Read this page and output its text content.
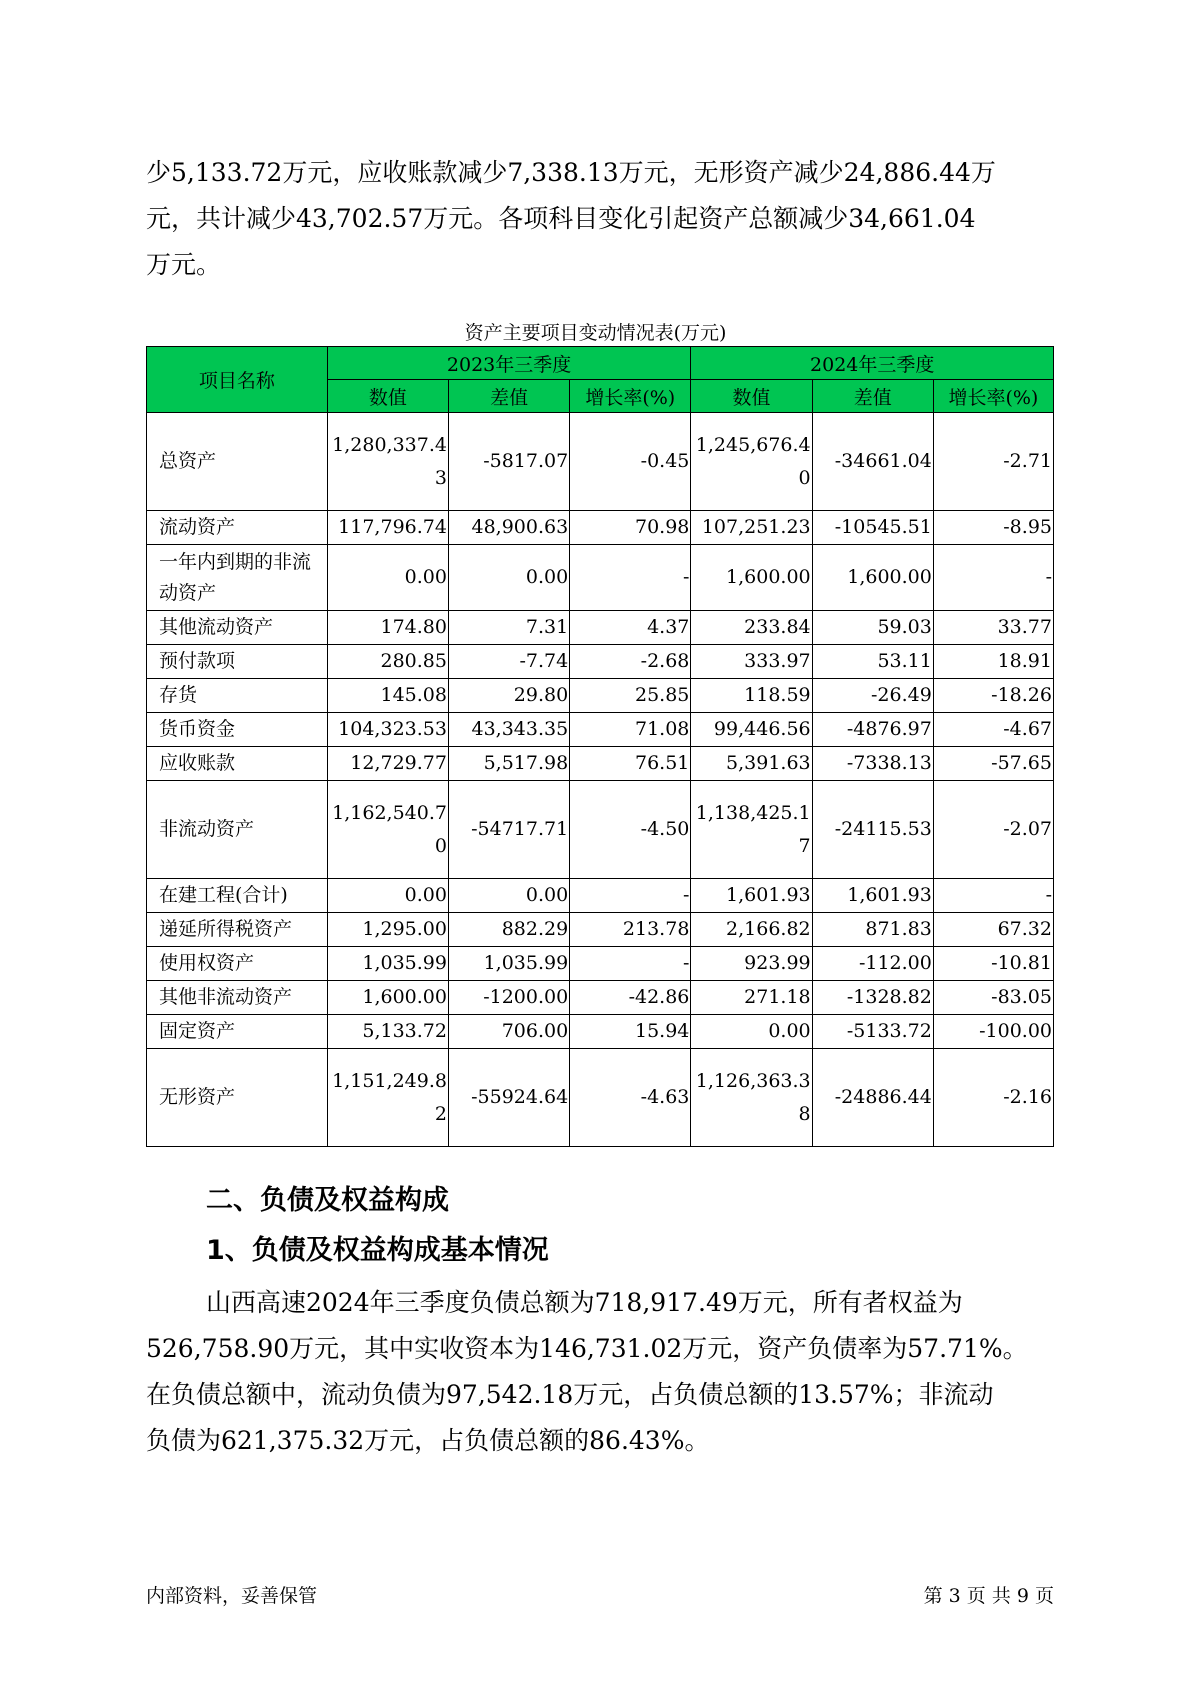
少5,133.72万元，应收账款减少7,338.13万元，无形资产减少24,886.44万

元，共计减少43,702.57万元。各项科目变化引起资产总额减少34,661.04

万元。

资产主要项目变动情况表(万元)
项目名称	2023年三季度			2024年三季度		
	数值	差值	增长率(%)	数值	差值	增长率(%)
总资产	1,280,337.43	-5817.07	-0.45	1,245,676.40	-34661.04	-2.71
流动资产	117,796.74	48,900.63	70.98	107,251.23	-10545.51	-8.95
一年内到期的非流动资产	0.00	0.00	-	1,600.00	1,600.00	-
其他流动资产	174.80	7.31	4.37	233.84	59.03	33.77
预付款项	280.85	-7.74	-2.68	333.97	53.11	18.91
存货	145.08	29.80	25.85	118.59	-26.49	-18.26
货币资金	104,323.53	43,343.35	71.08	99,446.56	-4876.97	-4.67
应收账款	12,729.77	5,517.98	76.51	5,391.63	-7338.13	-57.65
非流动资产	1,162,540.70	-54717.71	-4.50	1,138,425.17	-24115.53	-2.07
在建工程(合计)	0.00	0.00	-	1,601.93	1,601.93	-
递延所得税资产	1,295.00	882.29	213.78	2,166.82	871.83	67.32
使用权资产	1,035.99	1,035.99	-	923.99	-112.00	-10.81
其他非流动资产	1,600.00	-1200.00	-42.86	271.18	-1328.82	-83.05
固定资产	5,133.72	706.00	15.94	0.00	-5133.72	-100.00
无形资产	1,151,249.82	-55924.64	-4.63	1,126,363.38	-24886.44	-2.16
二、负债及权益构成
1、负债及权益构成基本情况

山西高速2024年三季度负债总额为718,917.49万元，所有者权益为

526,758.90万元，其中实收资本为146,731.02万元，资产负债率为57.71%。

在负债总额中，流动负债为97,542.18万元，占负债总额的13.57%；非流动

负债为621,375.32万元，占负债总额的86.43%。

内部资料，妥善保管	第 3 页 共 9 页
